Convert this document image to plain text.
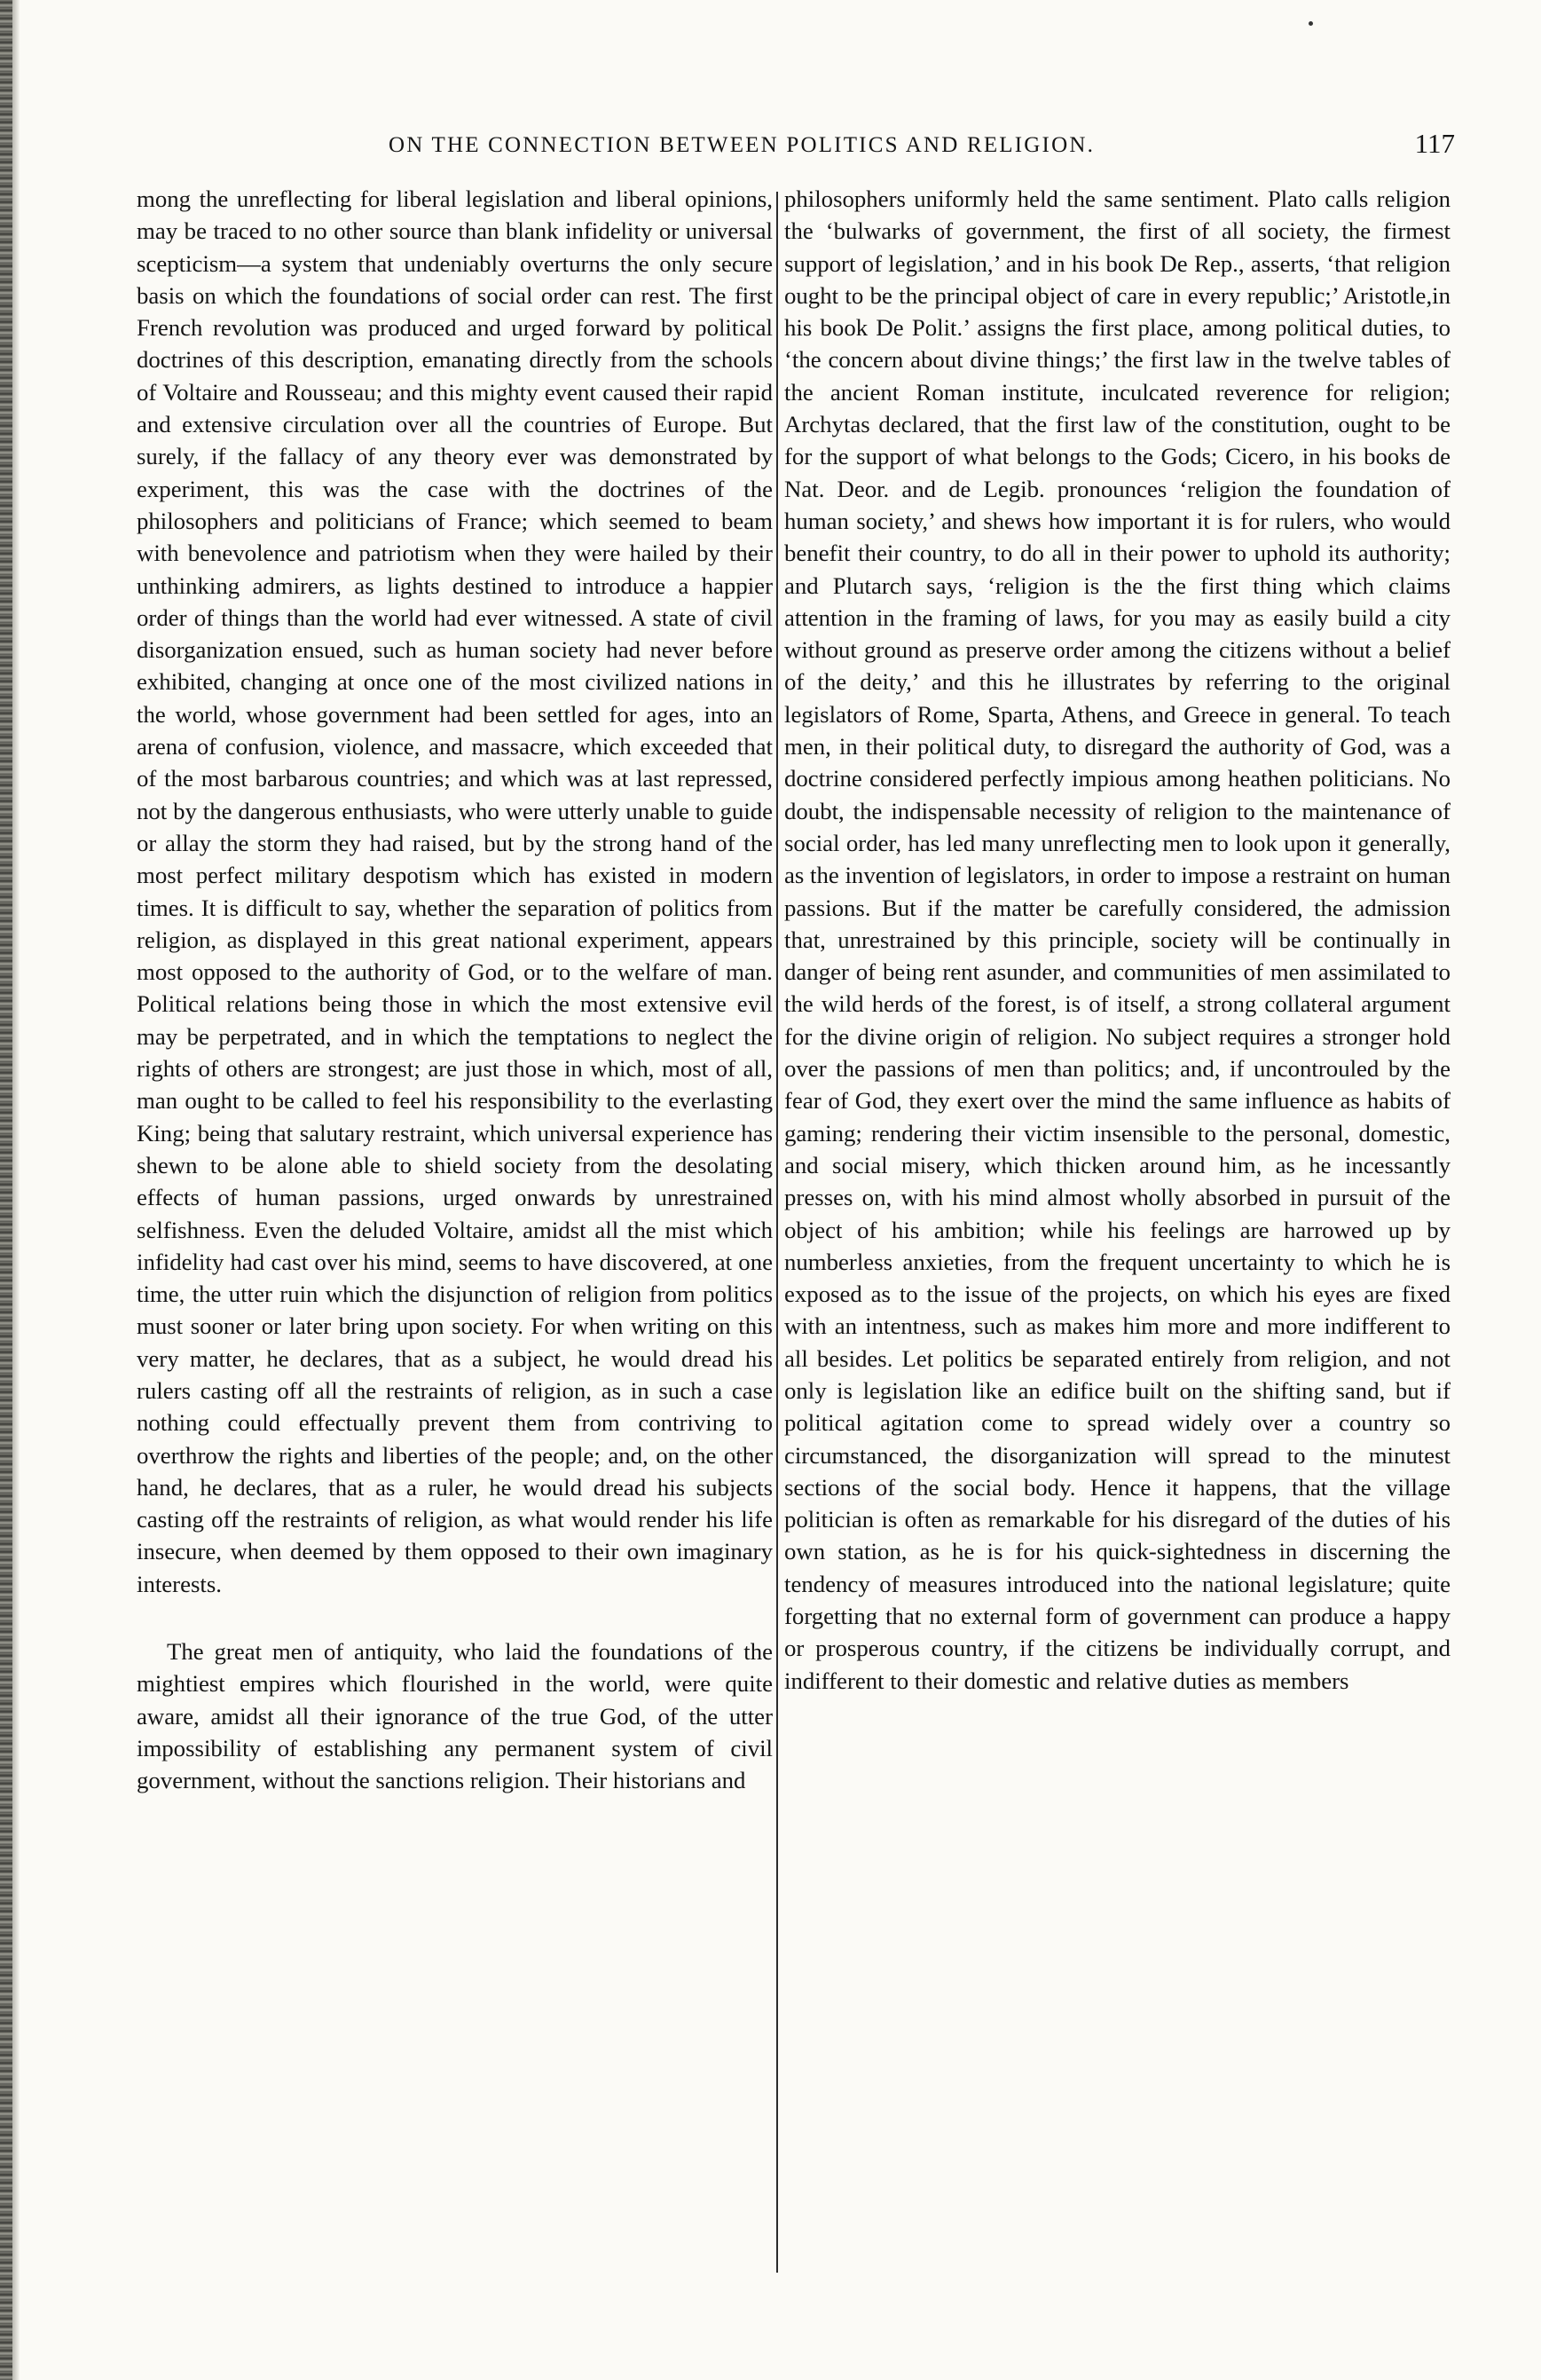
ON THE CONNECTION BETWEEN POLITICS AND RELIGION.	117

mong the unreflecting for liberal legislation and liberal opinions, may be traced to no other source than blank infidelity or universal scepticism—a system that undeniably overturns the only secure basis on which the foundations of social order can rest. The first French revolution was produced and urged forward by political doctrines of this description, emanating directly from the schools of Voltaire and Rousseau; and this mighty event caused their rapid and extensive circulation over all the countries of Europe. But surely, if the fallacy of any theory ever was demonstrated by experiment, this was the case with the doctrines of the philosophers and politicians of France; which seemed to beam with benevolence and patriotism when they were hailed by their unthinking admirers, as lights destined to introduce a happier order of things than the world had ever witnessed. A state of civil disorganization ensued, such as human society had never before exhibited, changing at once one of the most civilized nations in the world, whose government had been settled for ages, into an arena of confusion, violence, and massacre, which exceeded that of the most barbarous countries; and which was at last repressed, not by the dangerous enthusiasts, who were utterly unable to guide or allay the storm they had raised, but by the strong hand of the most perfect military despotism which has existed in modern times. It is difficult to say, whether the separation of politics from religion, as displayed in this great national experiment, appears most opposed to the authority of God, or to the welfare of man. Political relations being those in which the most extensive evil may be perpetrated, and in which the temptations to neglect the rights of others are strongest; are just those in which, most of all, man ought to be called to feel his responsibility to the everlasting King; being that salutary restraint, which universal experience has shewn to be alone able to shield society from the desolating effects of human passions, urged onwards by unrestrained selfishness. Even the deluded Voltaire, amidst all the mist which infidelity had cast over his mind, seems to have discovered, at one time, the utter ruin which the disjunction of religion from politics must sooner or later bring upon society. For when writing on this very matter, he declares, that as a subject, he would dread his rulers casting off all the restraints of religion, as in such a case nothing could effectually prevent them from contriving to overthrow the rights and liberties of the people; and, on the other hand, he declares, that as a ruler, he would dread his subjects casting off the restraints of religion, as what would render his life insecure, when deemed by them opposed to their own imaginary interests.

The great men of antiquity, who laid the foundations of the mightiest empires which flourished in the world, were quite aware, amidst all their ignorance of the true God, of the utter impossibility of establishing any permanent system of civil government, without the sanctions religion. Their historians and

philosophers uniformly held the same sentiment. Plato calls religion the ‘bulwarks of government, the first of all society, the firmest support of legislation,’ and in his book De Rep., asserts, ‘that religion ought to be the principal object of care in every republic;’ Aristotle,in his book De Polit.’ assigns the first place, among political duties, to ‘the concern about divine things;’ the first law in the twelve tables of the ancient Roman institute, inculcated reverence for religion; Archytas declared, that the first law of the constitution, ought to be for the support of what belongs to the Gods; Cicero, in his books de Nat. Deor. and de Legib. pronounces ‘religion the foundation of human society,’ and shews how important it is for rulers, who would benefit their country, to do all in their power to uphold its authority; and Plutarch says, ‘religion is the the first thing which claims attention in the framing of laws, for you may as easily build a city without ground as preserve order among the citizens without a belief of the deity,’ and this he illustrates by referring to the original legislators of Rome, Sparta, Athens, and Greece in general. To teach men, in their political duty, to disregard the authority of God, was a doctrine considered perfectly impious among heathen politicians. No doubt, the indispensable necessity of religion to the maintenance of social order, has led many unreflecting men to look upon it generally, as the invention of legislators, in order to impose a restraint on human passions. But if the matter be carefully considered, the admission that, unrestrained by this principle, society will be continually in danger of being rent asunder, and communities of men assimilated to the wild herds of the forest, is of itself, a strong collateral argument for the divine origin of religion. No subject requires a stronger hold over the passions of men than politics; and, if uncontrouled by the fear of God, they exert over the mind the same influence as habits of gaming; rendering their victim insensible to the personal, domestic, and social misery, which thicken around him, as he incessantly presses on, with his mind almost wholly absorbed in pursuit of the object of his ambition; while his feelings are harrowed up by numberless anxieties, from the frequent uncertainty to which he is exposed as to the issue of the projects, on which his eyes are fixed with an intentness, such as makes him more and more indifferent to all besides. Let politics be separated entirely from religion, and not only is legislation like an edifice built on the shifting sand, but if political agitation come to spread widely over a country so circumstanced, the disorganization will spread to the minutest sections of the social body. Hence it happens, that the village politician is often as remarkable for his disregard of the duties of his own station, as he is for his quick-sightedness in discerning the tendency of measures introduced into the national legislature; quite forgetting that no external form of government can produce a happy or prosperous country, if the citizens be individually corrupt, and indifferent to their domestic and relative duties as members
